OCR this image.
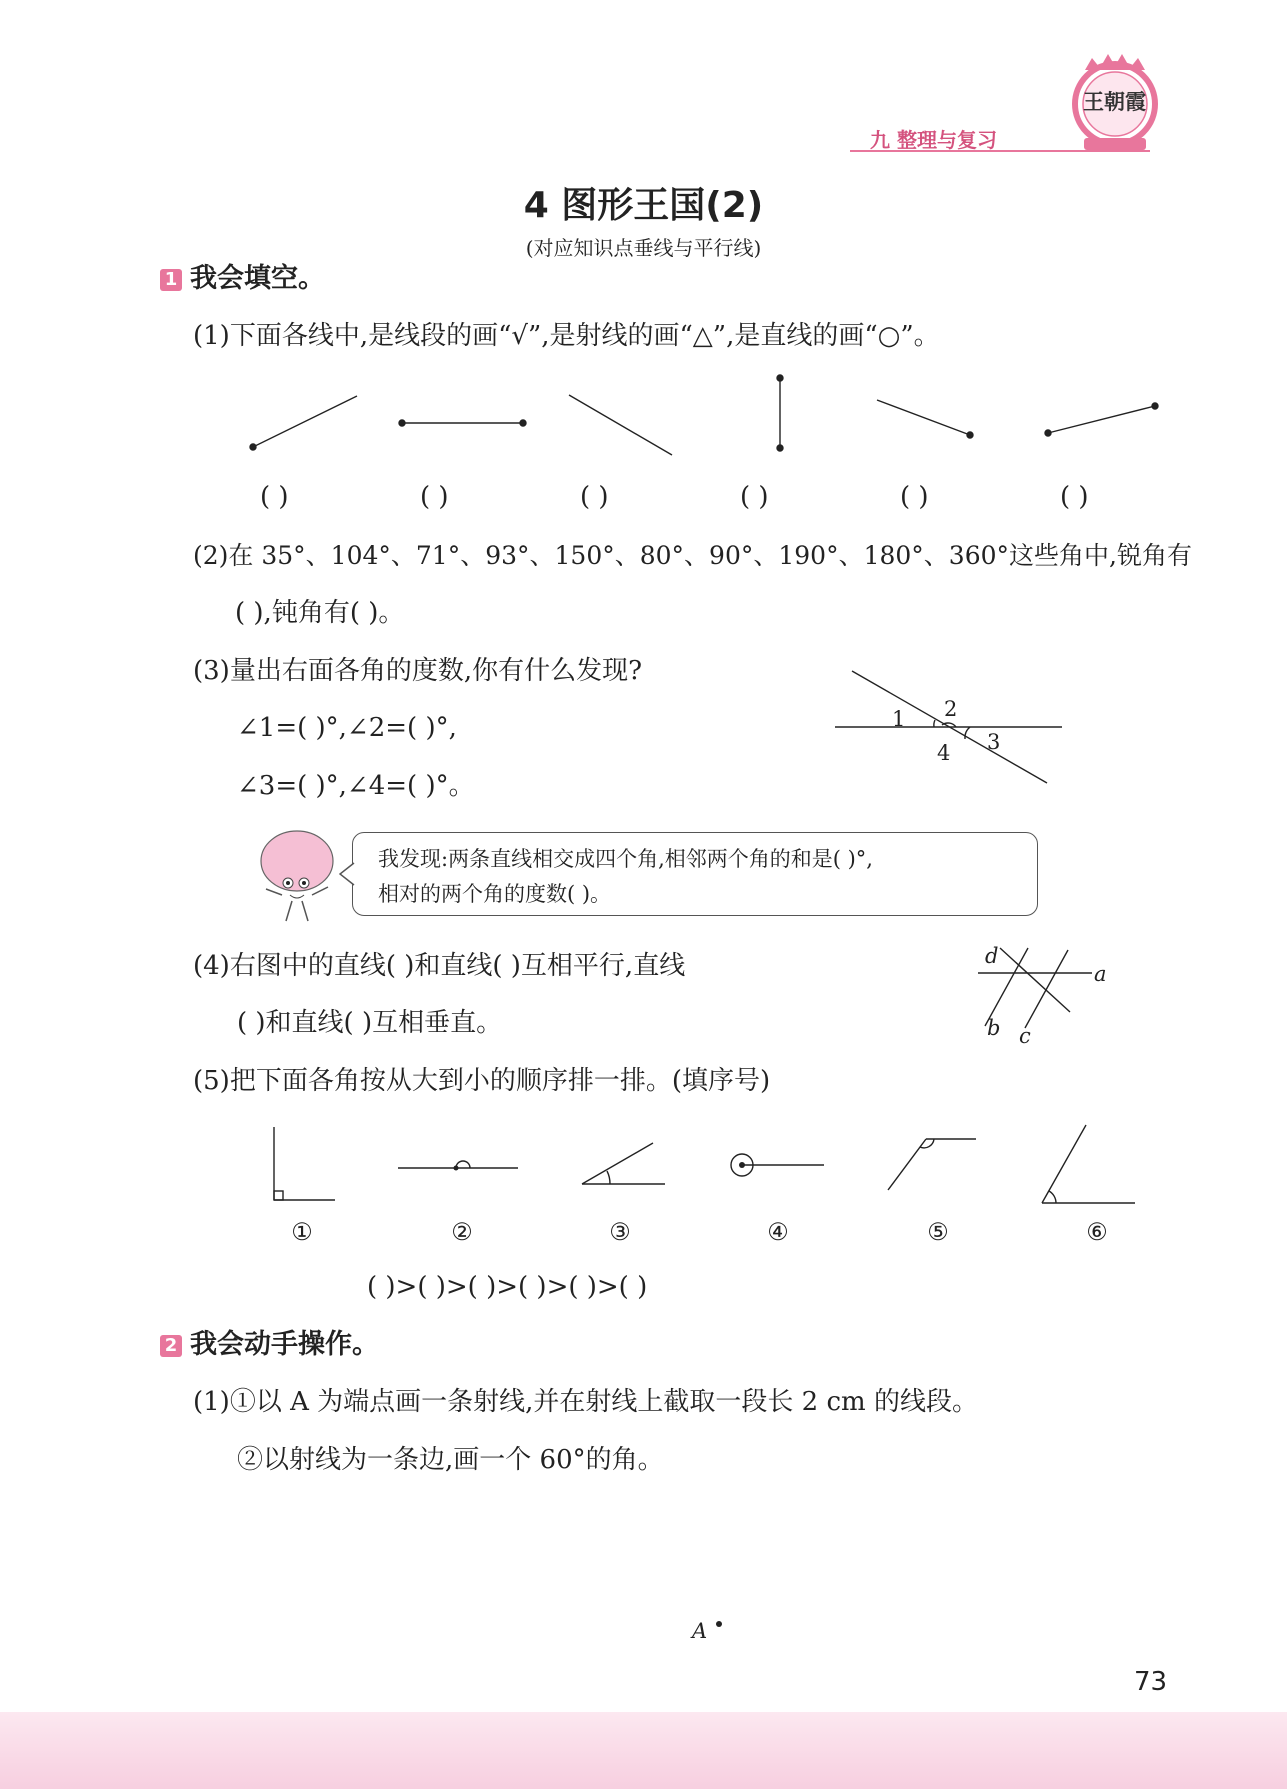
九 整理与复习
王朝霞
4 图形王国(2)
(对应知识点垂线与平行线)
1 我会填空。
(1)下面各线中,是线段的画“√”,是射线的画“△”,是直线的画“○”。
( )	( )	( )	( )	( )	( )
(2)在 35°、104°、71°、93°、150°、80°、90°、190°、180°、360°这些角中,锐角有
( ),钝角有( )。
(3)量出右面各角的度数,你有什么发现?
∠1=( )°,∠2=( )°,
∠3=( )°,∠4=( )°。
1 2
3
4
我发现:两条直线相交成四个角,相邻两个角的和是( )°,
相对的两个角的度数( )。
(4)右图中的直线( )和直线( )互相平行,直线
( )和直线( )互相垂直。
d
a
b c
(5)把下面各角按从大到小的顺序排一排。(填序号)
①	②	③	④	⑤	⑥
( )>( )>( )>( )>( )>( )
2 我会动手操作。
(1)①以 A 为端点画一条射线,并在射线上截取一段长 2 cm 的线段。
②以射线为一条边,画一个 60°的角。
A
73
